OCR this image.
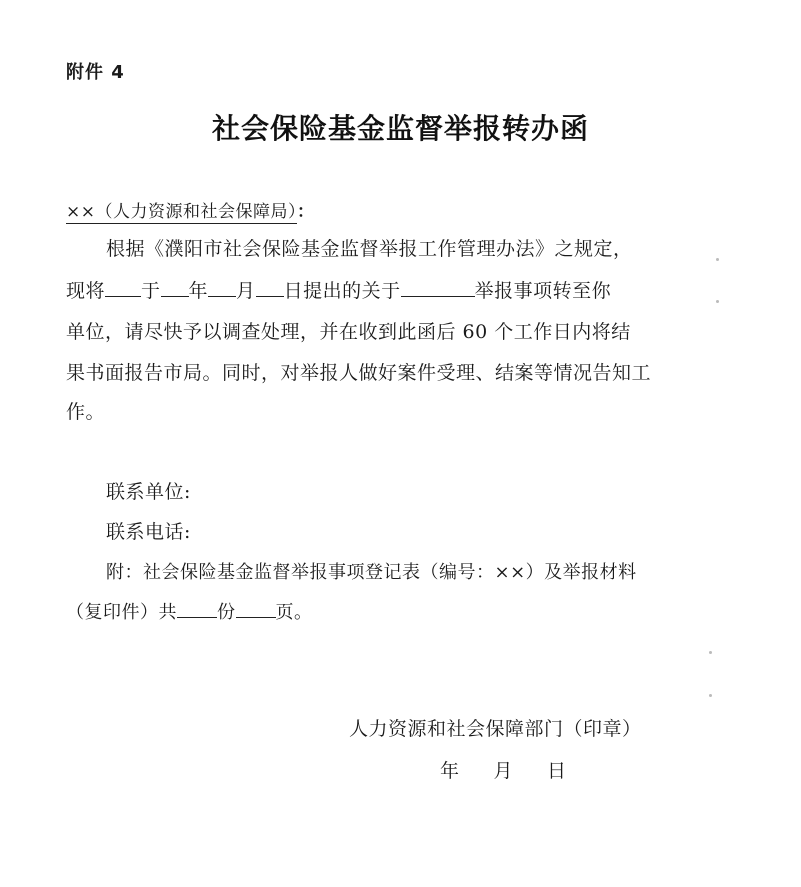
附件 4
社会保险基金监督举报转办函
××（人力资源和社会保障局）：
根据《濮阳市社会保险基金监督举报工作管理办法》之规定，
现将 于 年 月 日提出的关于	举报事项转至你
单位，请尽快予以调查处理，并在收到此函后 60 个工作日内将结
果书面报告市局。同时，对举报人做好案件受理、结案等情况告知工
作。
联系单位:
联系电话:
附：社会保险基金监督举报事项登记表（编号：××）及举报材料
（复印件）共 份 页。
人力资源和社会保障部门（印章）
年 月 日
